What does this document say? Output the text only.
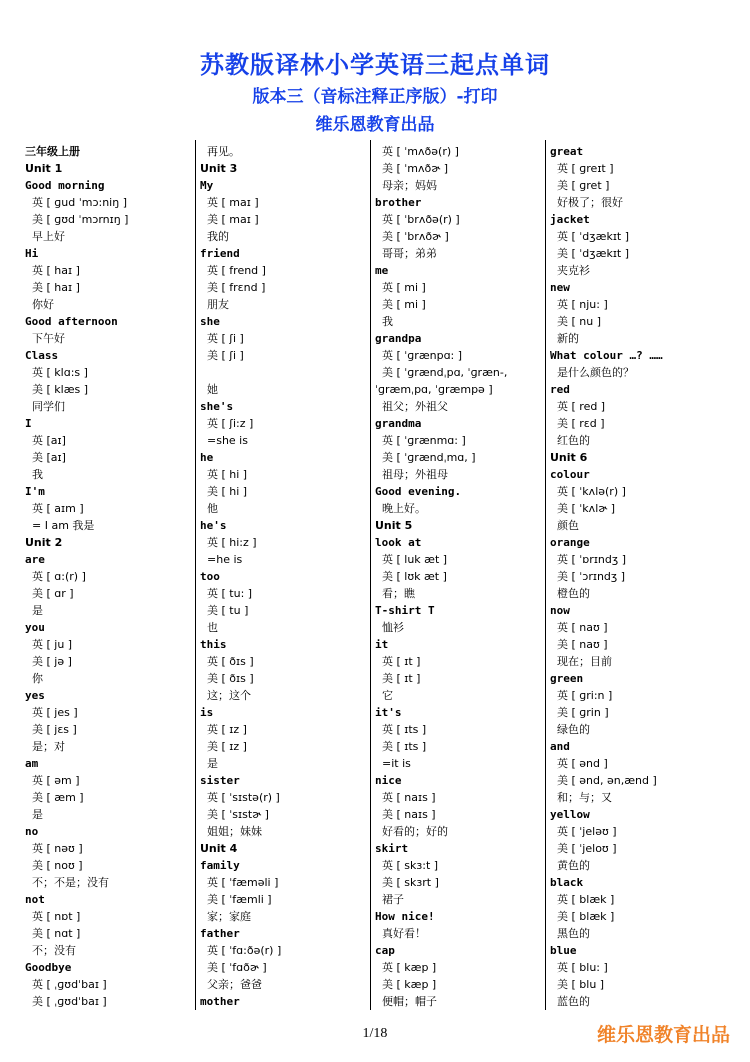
苏教版译林小学英语三起点单词
版本三（音标注释正序版）-打印
维乐恩教育出品
三年级上册
Unit 1
Good morning
英 [ ɡud ˈmɔ:niŋ ]
美 [ ɡʊd ˈmɔrnɪŋ ]
早上好
Hi
英 [ haɪ ]
美 [ haɪ ]
你好
Good afternoon
下午好
Class
英 [ klɑ:s ]
美 [ klæs ]
同学们
I
英 [aɪ]
美 [aɪ]
我
I'm
英 [ aɪm ]
= I am 我是
Unit 2
are
英 [ ɑ:(r) ]
美 [ ɑr ]
是
you
英 [ ju ]
美 [ jə ]
你
yes
英 [ jes ]
美 [ jɛs ]
是；对
am
英 [ əm ]
美 [ æm ]
是
no
英 [ nəʊ ]
美 [ noʊ ]
不；不是；没有
not
英 [ nɒt ]
美 [ nɑt ]
不；没有
Goodbye
英 [ ˌɡʊdˈbaɪ ]
美 [ ˌɡʊdˈbaɪ ]
再见。
Unit 3
My
英 [ maɪ ]
美 [ maɪ ]
我的
friend
英 [ frend ]
美 [ frɛnd ]
朋友
she
英 [ ʃi ]
美 [ ʃi ]
她
she's
英 [ ʃi:z ]
=she is
he
英 [ hi ]
美 [ hi ]
他
he's
英 [ hi:z ]
=he is
too
英 [ tu: ]
美 [ tu ]
也
this
英 [ ðɪs ]
美 [ ðɪs ]
这；这个
is
英 [ ɪz ]
美 [ ɪz ]
是
sister
英 [ ˈsɪstə(r) ]
美 [ ˈsɪstɚ ]
姐姐；妹妹
Unit 4
family
英 [ ˈfæməli ]
美 [ ˈfæmli ]
家；家庭
father
英 [ ˈfɑ:ðə(r) ]
美 [ ˈfɑðɚ ]
父亲；爸爸
mother
英 [ ˈmʌðə(r) ]
美 [ ˈmʌðɚ ]
母亲；妈妈
brother
英 [ ˈbrʌðə(r) ]
美 [ ˈbrʌðɚ ]
哥哥；弟弟
me
英 [ mi ]
美 [ mi ]
我
grandpa
英 [ ˈɡrænpɑ: ]
美 [ ˈɡrændˌpɑ, ˈɡræn-,
ˈɡræmˌpɑ, ˈɡræmpə ]
祖父；外祖父
grandma
英 [ ˈɡrænmɑ: ]
美 [ ˈɡrændˌmɑ, ]
祖母；外祖母
Good evening.
晚上好。
Unit 5
look at
英 [ luk æt ]
美 [ lʊk æt ]
看；瞧
T-shirt T
恤衫
it
英 [ ɪt ]
美 [ ɪt ]
它
it's
英 [ ɪts ]
美 [ ɪts ]
=it is
nice
英 [ naɪs ]
美 [ naɪs ]
好看的；好的
skirt
英 [ skɜ:t ]
美 [ skɜrt ]
裙子
How nice!
真好看！
cap
英 [ kæp ]
美 [ kæp ]
便帽；帽子
great
英 [ ɡreɪt ]
美 [ ɡret ]
好极了；很好
jacket
英 [ ˈdʒækɪt ]
美 [ ˈdʒækɪt ]
夹克衫
new
英 [ nju: ]
美 [ nu ]
新的
What colour …? ……
是什么颜色的？
red
英 [ red ]
美 [ rɛd ]
红色的
Unit 6
colour
英 [ ˈkʌlə(r) ]
美 [ ˈkʌlɚ ]
颜色
orange
英 [ ˈɒrɪndʒ ]
美 [ ˈɔrɪndʒ ]
橙色的
now
英 [ naʊ ]
美 [ naʊ ]
现在；目前
green
英 [ ɡri:n ]
美 [ ɡrin ]
绿色的
and
英 [ ənd ]
美 [ ənd, ən,ænd ]
和；与；又
yellow
英 [ ˈjeləʊ ]
美 [ ˈjeloʊ ]
黄色的
black
英 [ blæk ]
美 [ blæk ]
黑色的
blue
英 [ blu: ]
美 [ blu ]
蓝色的
1/18	维乐恩教育出品
